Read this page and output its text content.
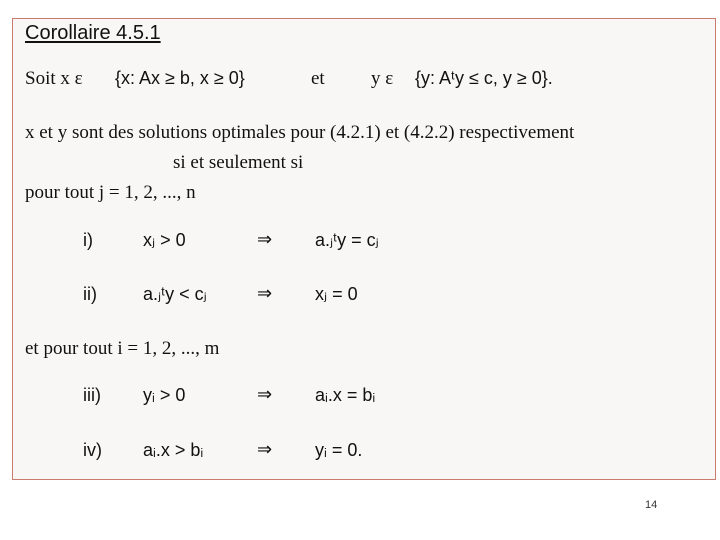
Corollaire 4.5.1
Soit x ε {x: Ax ≥ b, x ≥ 0}	et y ε {y: Aᵗy ≤ c, y ≥ 0}.
x et y sont des solutions optimales pour (4.2.1) et (4.2.2) respectivement
si et seulement si
pour tout j = 1, 2, ..., n
i)	xⱼ > 0	⇒ a.ⱼᵗy = cⱼ
ii)	a.ⱼᵗy < cⱼ	⇒ xⱼ = 0
et pour tout i = 1, 2, ..., m
iii) yᵢ > 0	⇒ aᵢ.x = bᵢ
iv) aᵢ.x > bᵢ	⇒ yᵢ = 0.
14
